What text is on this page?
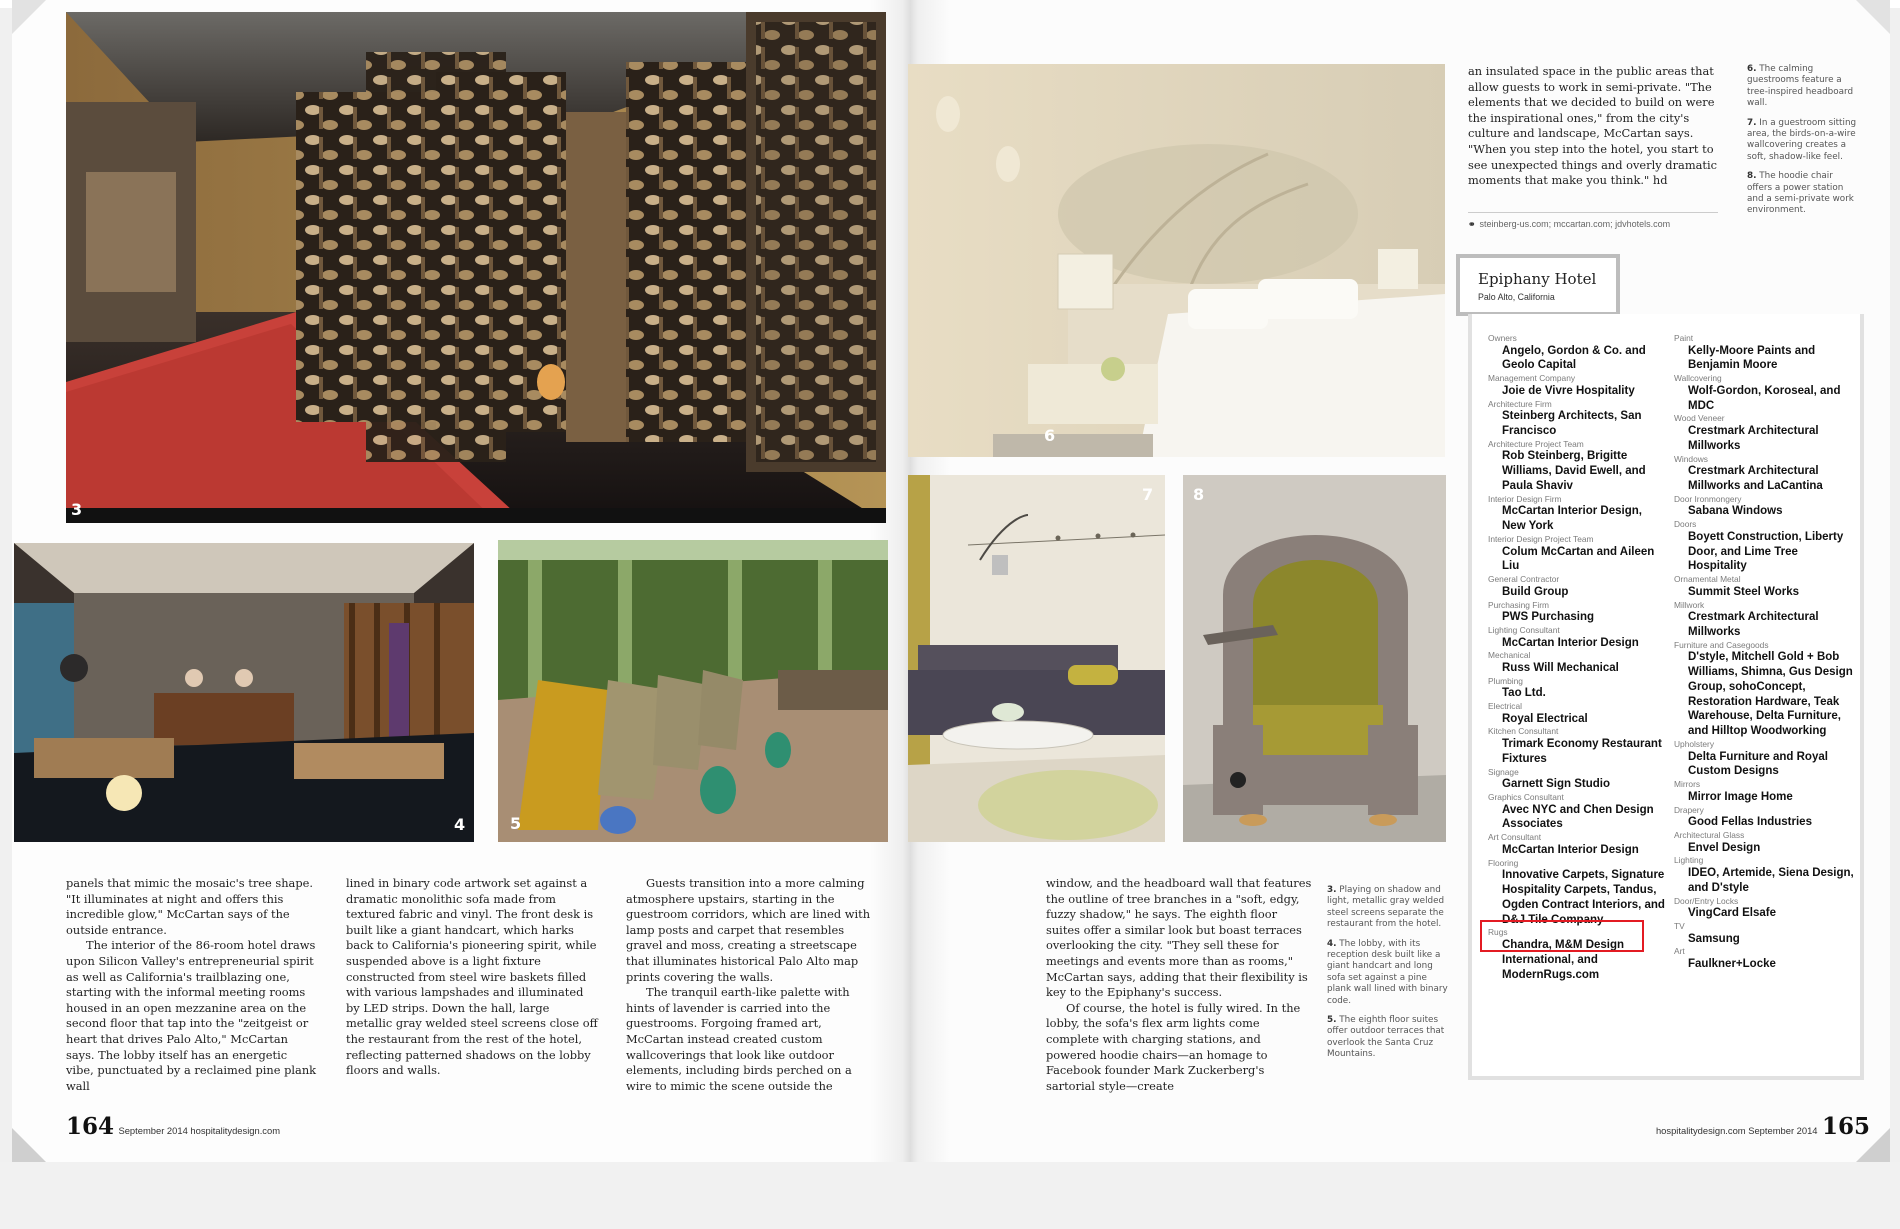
3
4	5
6
7 8

panels that mimic the mosaic's tree shape. "It illuminates at night and offers this incredible glow," McCartan says of the outside entrance.

The interior of the 86-room hotel draws upon Silicon Valley's entrepreneurial spirit as well as California's trailblazing one, starting with the informal meeting rooms housed in an open mezzanine area on the second floor that tap into the "zeitgeist or heart that drives Palo Alto," McCartan says. The lobby itself has an energetic vibe, punctuated by a reclaimed pine plank wall

lined in binary code artwork set against a dramatic monolithic sofa made from textured fabric and vinyl. The front desk is built like a giant handcart, which harks back to California's pioneering spirit, while suspended above is a light fixture constructed from steel wire baskets filled with various lampshades and illuminated by LED strips. Down the hall, large metallic gray welded steel screens close off the restaurant from the rest of the hotel, reflecting patterned shadows on the lobby floors and walls.

Guests transition into a more calming atmosphere upstairs, starting in the guestroom corridors, which are lined with lamp posts and carpet that resembles gravel and moss, creating a streetscape that illuminates historical Palo Alto map prints covering the walls.

The tranquil earth-like palette with hints of lavender is carried into the guestrooms. Forgoing framed art, McCartan instead created custom wallcoverings that look like outdoor elements, including birds perched on a wire to mimic the scene outside the

164 September 2014 hospitalitydesign.com

an insulated space in the public areas that allow guests to work in semi-private. "The elements that we decided to build on were the inspirational ones," from the city's culture and landscape, McCartan says. "When you step into the hotel, you start to see unexpected things and overly dramatic moments that make you think." hd

⚭ steinberg-us.com; mccartan.com; jdvhotels.com
6. The calming guestrooms feature a tree-inspired headboard wall.
7. In a guestroom sitting area, the birds-on-a-wire wallcovering creates a soft, shadow-like feel.
8. The hoodie chair offers a power station and a semi-private work environment.

window, and the headboard wall that features the outline of tree branches in a "soft, edgy, fuzzy shadow," he says. The eighth floor suites offer a similar look but boast terraces overlooking the city. "They sell these for meetings and events more than as rooms," McCartan says, adding that their flexibility is key to the Epiphany's success.

Of course, the hotel is fully wired. In the lobby, the sofa's flex arm lights come complete with charging stations, and powered hoodie chairs—an homage to Facebook founder Mark Zuckerberg's sartorial style—create

3. Playing on shadow and light, metallic gray welded steel screens separate the restaurant from the hotel.
4. The lobby, with its reception desk built like a giant handcart and long sofa set against a pine plank wall lined with binary code.
5. The eighth floor suites offer outdoor terraces that overlook the Santa Cruz Mountains.
Epiphany Hotel
Palo Alto, California
Owners
Angelo, Gordon & Co. and Geolo Capital
Management Company
Joie de Vivre Hospitality
Architecture Firm
Steinberg Architects, San Francisco
Architecture Project Team
Rob Steinberg, Brigitte Williams, David Ewell, and Paula Shaviv
Interior Design Firm
McCartan Interior Design, New York
Interior Design Project Team
Colum McCartan and Aileen Liu
General Contractor
Build Group
Purchasing Firm
PWS Purchasing
Lighting Consultant
McCartan Interior Design
Mechanical
Russ Will Mechanical
Plumbing
Tao Ltd.
Electrical
Royal Electrical
Kitchen Consultant
Trimark Economy Restaurant Fixtures
Signage
Garnett Sign Studio
Graphics Consultant
Avec NYC and Chen Design Associates
Art Consultant
McCartan Interior Design
Flooring
Innovative Carpets, Signature Hospitality Carpets, Tandus, Ogden Contract Interiors, and D&J Tile Company
Rugs
Chandra, M&M Design International, and ModernRugs.com
Paint
Kelly-Moore Paints and Benjamin Moore
Wallcovering
Wolf-Gordon, Koroseal, and MDC
Wood Veneer
Crestmark Architectural Millworks
Windows
Crestmark Architectural Millworks and LaCantina
Door Ironmongery
Sabana Windows
Doors
Boyett Construction, Liberty Door, and Lime Tree Hospitality
Ornamental Metal
Summit Steel Works
Millwork
Crestmark Architectural Millworks
Furniture and Casegoods
D'style, Mitchell Gold + Bob Williams, Shimna, Gus Design Group, sohoConcept, Restoration Hardware, Teak Warehouse, Delta Furniture, and Hilltop Woodworking
Upholstery
Delta Furniture and Royal Custom Designs
Mirrors
Mirror Image Home
Drapery
Good Fellas Industries
Architectural Glass
Envel Design
Lighting
IDEO, Artemide, Siena Design, and D'style
Door/Entry Locks
VingCard Elsafe
TV
Samsung
Art
Faulkner+Locke
hospitalitydesign.com September 2014 165
